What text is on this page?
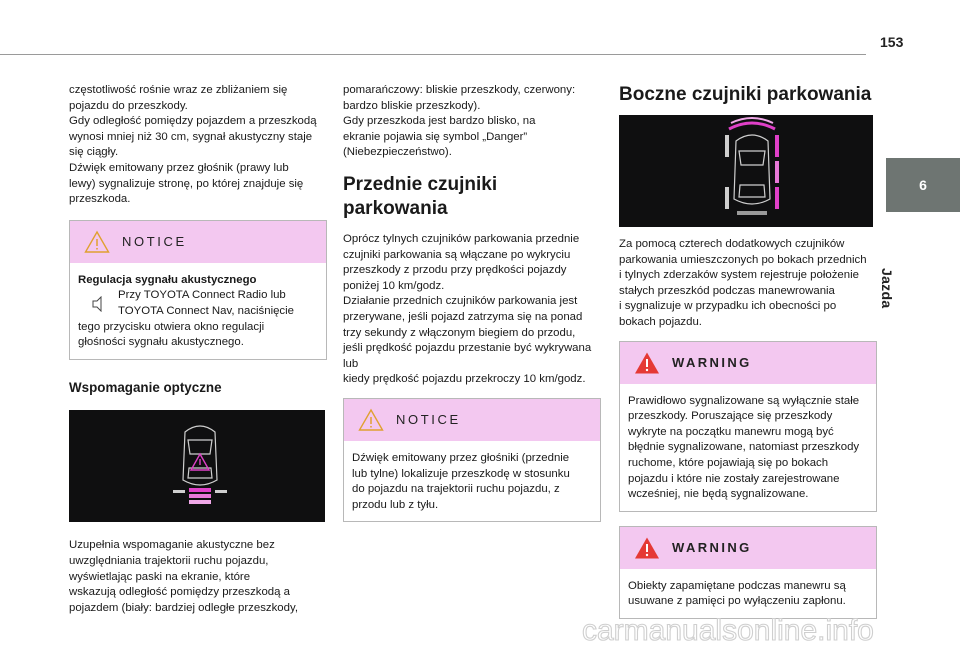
153
6
Jazda
częstotliwość rośnie wraz ze zbliżaniem się
pojazdu do przeszkody.
Gdy odległość pomiędzy pojazdem a przeszkodą
wynosi mniej niż 30 cm, sygnał akustyczny staje
się ciągły.
Dźwięk emitowany przez głośnik (prawy lub
lewy) sygnalizuje stronę, po której znajduje się
przeszkoda.
NOTICE
Regulacja sygnału akustycznego
Przy TOYOTA Connect Radio lub
TOYOTA Connect Nav, naciśnięcie
tego przycisku otwiera okno regulacji
głośności sygnału akustycznego.
Wspomaganie optyczne
Uzupełnia wspomaganie akustyczne bez
uwzględniania trajektorii ruchu pojazdu,
wyświetlając paski na ekranie, które
wskazują odległość pomiędzy przeszkodą a
pojazdem (biały: bardziej odległe przeszkody,
pomarańczowy: bliskie przeszkody, czerwony:
bardzo bliskie przeszkody).
Gdy przeszkoda jest bardzo blisko, na
ekranie pojawia się symbol „Danger”
(Niebezpieczeństwo).
Przednie czujniki
parkowania
Oprócz tylnych czujników parkowania przednie
czujniki parkowania są włączane po wykryciu
przeszkody z przodu przy prędkości pojazdy
poniżej 10 km/godz.
Działanie przednich czujników parkowania jest
przerywane, jeśli pojazd zatrzyma się na ponad
trzy sekundy z włączonym biegiem do przodu,
jeśli prędkość pojazdu przestanie być wykrywana lub
kiedy prędkość pojazdu przekroczy 10 km/godz.
NOTICE
Dźwięk emitowany przez głośniki (przednie
lub tylne) lokalizuje przeszkodę w stosunku
do pojazdu na trajektorii ruchu pojazdu, z
przodu lub z tyłu.
Boczne czujniki parkowania
Za pomocą czterech dodatkowych czujników
parkowania umieszczonych po bokach przednich
i tylnych zderzaków system rejestruje położenie
stałych przeszkód podczas manewrowania
i sygnalizuje w przypadku ich obecności po
bokach pojazdu.
WARNING
Prawidłowo sygnalizowane są wyłącznie stałe
przeszkody. Poruszające się przeszkody
wykryte na początku manewru mogą być
błędnie sygnalizowane, natomiast przeszkody
ruchome, które pojawiają się po bokach
pojazdu i które nie zostały zarejestrowane
wcześniej, nie będą sygnalizowane.
WARNING
Obiekty zapamiętane podczas manewru są
usuwane z pamięci po wyłączeniu zapłonu.
carmanualsonline.info
